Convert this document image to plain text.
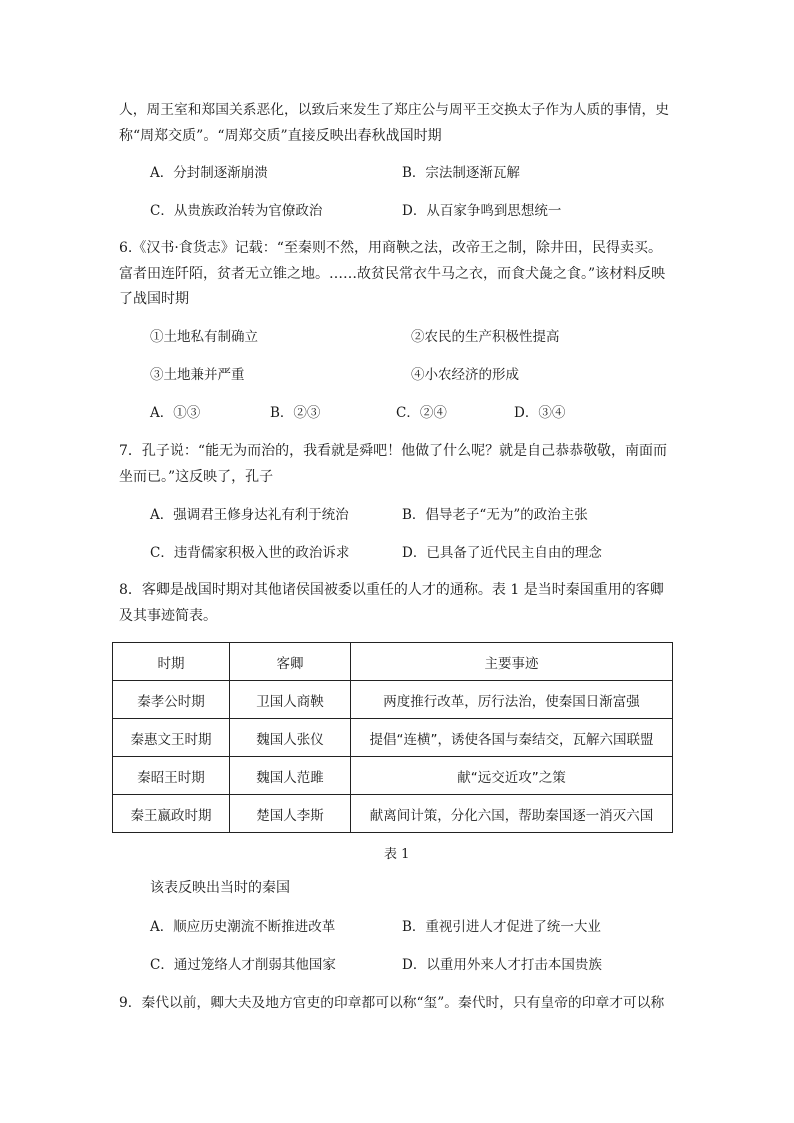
人，周王室和郑国关系恶化，以致后来发生了郑庄公与周平王交换太子作为人质的事情，史
称“周郑交质”。“周郑交质”直接反映出春秋战国时期
A．分封制逐渐崩溃	B．宗法制逐渐瓦解
C．从贵族政治转为官僚政治	D．从百家争鸣到思想统一
6.《汉书·食货志》记载：“至秦则不然，用商鞅之法，改帝王之制，除井田，民得卖买。
富者田连阡陌，贫者无立锥之地。……故贫民常衣牛马之衣，而食犬彘之食。”该材料反映
了战国时期
①土地私有制确立	②农民的生产积极性提高
③土地兼并严重	④小农经济的形成
A．①③	B．②③	C．②④	D．③④
7．孔子说：“能无为而治的，我看就是舜吧！他做了什么呢？就是自己恭恭敬敬，南面而
坐而已。”这反映了，孔子
A．强调君王修身达礼有利于统治	B．倡导老子“无为”的政治主张
C．违背儒家积极入世的政治诉求	D．已具备了近代民主自由的理念
8．客卿是战国时期对其他诸侯国被委以重任的人才的通称。表 1 是当时秦国重用的客卿
及其事迹简表。
时期	客卿	主要事迹
秦孝公时期	卫国人商鞅	两度推行改革，厉行法治，使秦国日渐富强
秦惠文王时期	魏国人张仪	提倡“连横”，诱使各国与秦结交，瓦解六国联盟
秦昭王时期	魏国人范雎	献“远交近攻”之策
秦王嬴政时期	楚国人李斯	献离间计策，分化六国，帮助秦国逐一消灭六国
表 1
该表反映出当时的秦国
A．顺应历史潮流不断推进改革	B．重视引进人才促进了统一大业
C．通过笼络人才削弱其他国家	D．以重用外来人才打击本国贵族
9．秦代以前，卿大夫及地方官吏的印章都可以称“玺”。秦代时，只有皇帝的印章才可以称
